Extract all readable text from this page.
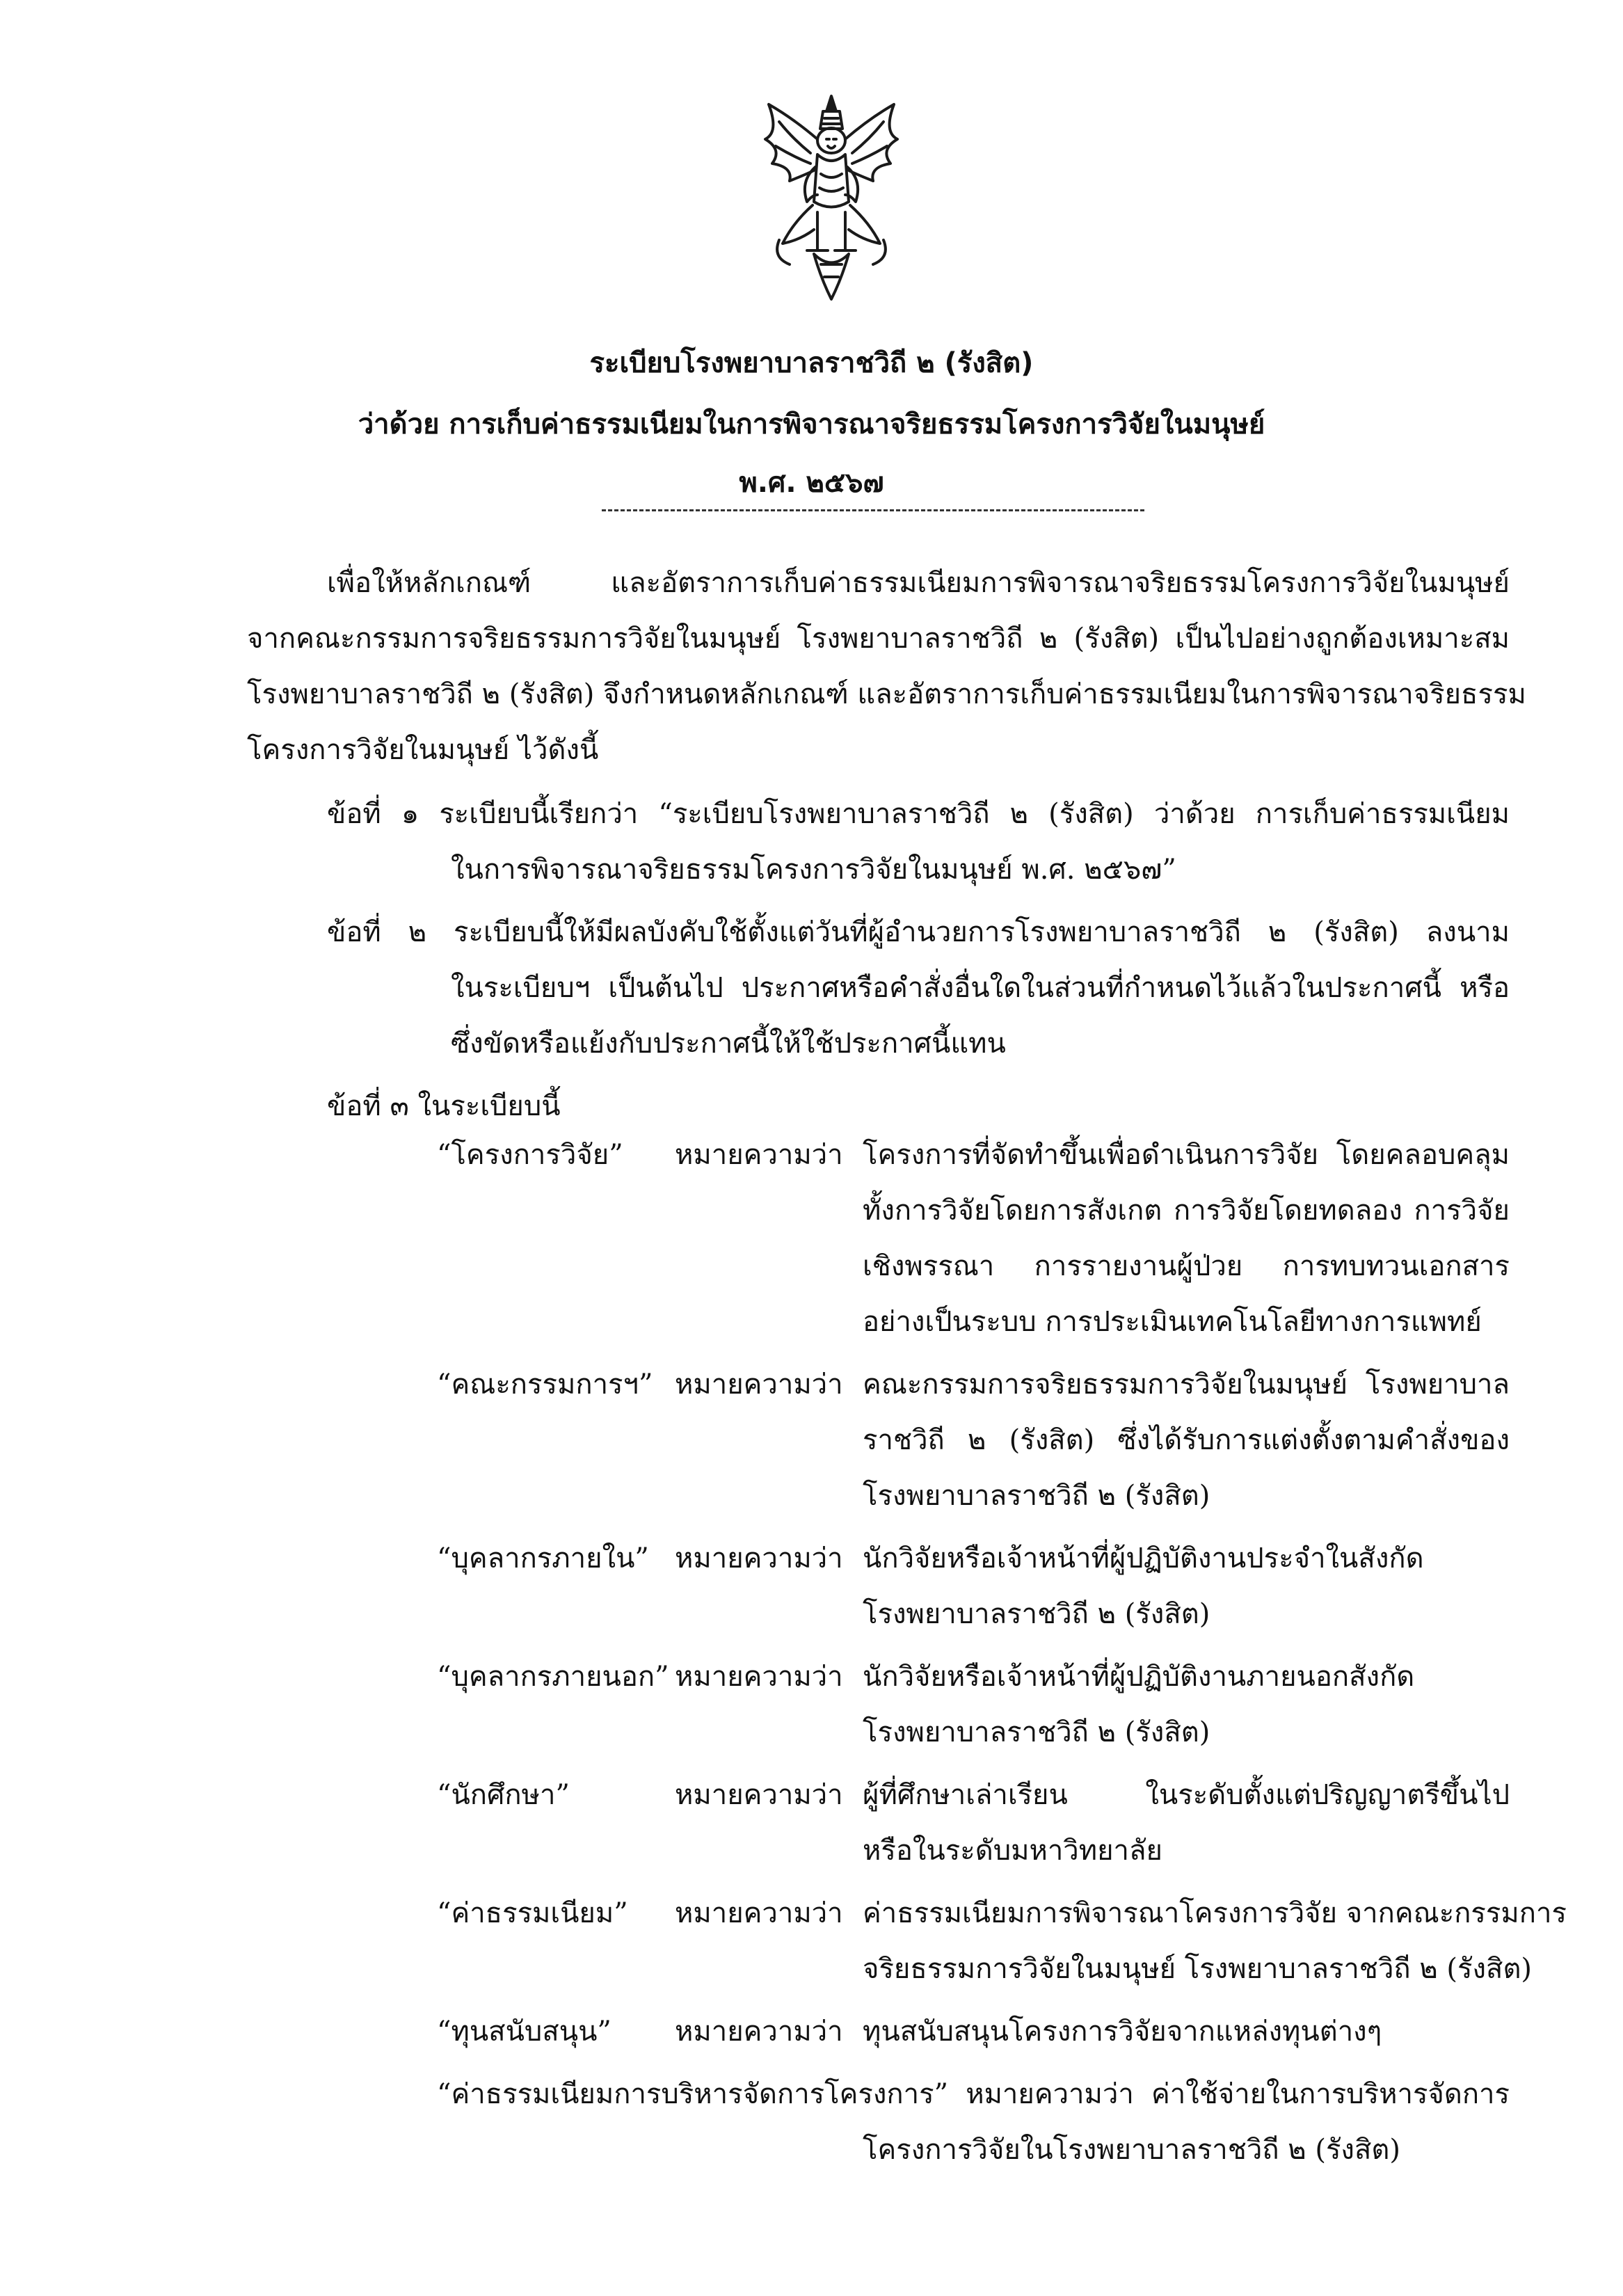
ระเบียบโรงพยาบาลราชวิถี ๒ (รังสิต)
ว่าด้วย การเก็บค่าธรรมเนียมในการพิจารณาจริยธรรมโครงการวิจัยในมนุษย์
พ.ศ. ๒๕๖๗
เพื่อให้หลักเกณฑ์ และอัตราการเก็บค่าธรรมเนียมการพิจารณาจริยธรรมโครงการวิจัยในมนุษย์
จากคณะกรรมการจริยธรรมการวิจัยในมนุษย์ โรงพยาบาลราชวิถี ๒ (รังสิต) เป็นไปอย่างถูกต้องเหมาะสม
โรงพยาบาลราชวิถี ๒ (รังสิต) จึงกำหนดหลักเกณฑ์ และอัตราการเก็บค่าธรรมเนียมในการพิจารณาจริยธรรม
โครงการวิจัยในมนุษย์ ไว้ดังนี้
ข้อที่ ๑ ระเบียบนี้เรียกว่า “ระเบียบโรงพยาบาลราชวิถี ๒ (รังสิต) ว่าด้วย การเก็บค่าธรรมเนียม
ในการพิจารณาจริยธรรมโครงการวิจัยในมนุษย์ พ.ศ. ๒๕๖๗”
ข้อที่ ๒ ระเบียบนี้ให้มีผลบังคับใช้ตั้งแต่วันที่ผู้อำนวยการโรงพยาบาลราชวิถี ๒ (รังสิต) ลงนาม
ในระเบียบฯ เป็นต้นไป ประกาศหรือคำสั่งอื่นใดในส่วนที่กำหนดไว้แล้วในประกาศนี้ หรือ
ซึ่งขัดหรือแย้งกับประกาศนี้ให้ใช้ประกาศนี้แทน
ข้อที่ ๓ ในระเบียบนี้
“โครงการวิจัย” หมายความว่า โครงการที่จัดทำขึ้นเพื่อดำเนินการวิจัย โดยคลอบคลุม
ทั้งการวิจัยโดยการสังเกต การวิจัยโดยทดลอง การวิจัย
เชิงพรรณา การรายงานผู้ป่วย การทบทวนเอกสาร
อย่างเป็นระบบ การประเมินเทคโนโลยีทางการแพทย์
“คณะกรรมการฯ” หมายความว่า คณะกรรมการจริยธรรมการวิจัยในมนุษย์ โรงพยาบาล
ราชวิถี ๒ (รังสิต) ซึ่งได้รับการแต่งตั้งตามคำสั่งของ
โรงพยาบาลราชวิถี ๒ (รังสิต)
“บุคลากรภายใน” หมายความว่า นักวิจัยหรือเจ้าหน้าที่ผู้ปฏิบัติงานประจำในสังกัด
โรงพยาบาลราชวิถี ๒ (รังสิต)
“บุคลากรภายนอก” หมายความว่า นักวิจัยหรือเจ้าหน้าที่ผู้ปฏิบัติงานภายนอกสังกัด
โรงพยาบาลราชวิถี ๒ (รังสิต)
“นักศึกษา”	หมายความว่า ผู้ที่ศึกษาเล่าเรียน ในระดับตั้งแต่ปริญญาตรีขึ้นไป
หรือในระดับมหาวิทยาลัย
“ค่าธรรมเนียม” หมายความว่า ค่าธรรมเนียมการพิจารณาโครงการวิจัย จากคณะกรรมการ
จริยธรรมการวิจัยในมนุษย์ โรงพยาบาลราชวิถี ๒ (รังสิต)
“ทุนสนับสนุน” หมายความว่า ทุนสนับสนุนโครงการวิจัยจากแหล่งทุนต่างๆ
“ค่าธรรมเนียมการบริหารจัดการโครงการ” หมายความว่า ค่าใช้จ่ายในการบริหารจัดการ
โครงการวิจัยในโรงพยาบาลราชวิถี ๒ (รังสิต)
